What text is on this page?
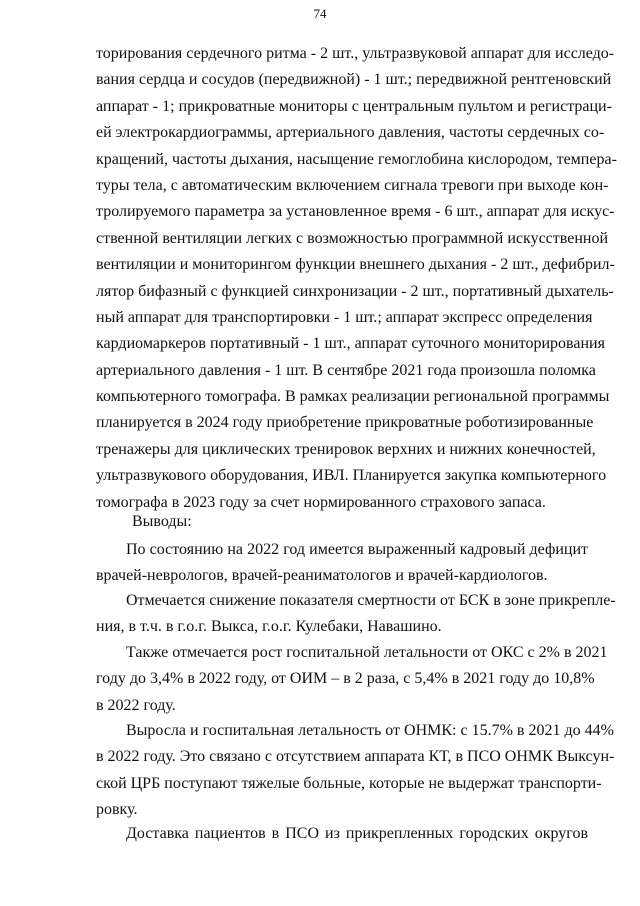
74
торирования сердечного ритма - 2 шт., ультразвуковой аппарат для исследо-
вания сердца и сосудов (передвижной) - 1 шт.; передвижной рентгеновский
аппарат - 1; прикроватные мониторы с центральным пультом и регистраци-
ей электрокардиограммы, артериального давления, частоты сердечных со-
кращений, частоты дыхания, насыщение гемоглобина кислородом, темпера-
туры тела, с автоматическим включением сигнала тревоги при выходе кон-
тролируемого параметра за установленное время - 6 шт., аппарат для искус-
ственной вентиляции легких с возможностью программной искусственной
вентиляции и мониторингом функции внешнего дыхания - 2 шт., дефибрил-
лятор бифазный с функцией синхронизации - 2 шт., портативный дыхатель-
ный аппарат для транспортировки - 1 шт.; аппарат экспресс определения
кардиомаркеров портативный - 1 шт., аппарат суточного мониторирования
артериального давления - 1 шт. В сентябре 2021 года произошла поломка
компьютерного томографа. В рамках реализации региональной программы
планируется в 2024 году приобретение прикроватные роботизированные
тренажеры для циклических тренировок верхних и нижних конечностей,
ультразвукового оборудования, ИВЛ. Планируется закупка компьютерного
томографа в 2023 году за счет нормированного страхового запаса.
Выводы:
По состоянию на 2022 год имеется выраженный кадровый дефицит
врачей-неврологов, врачей-реаниматологов и врачей-кардиологов.
Отмечается снижение показателя смертности от БСК в зоне прикрепле-
ния, в т.ч. в г.о.г. Выкса, г.о.г. Кулебаки, Навашино.
Также отмечается рост госпитальной летальности от ОКС с 2% в 2021
году до 3,4% в 2022 году, от ОИМ – в 2 раза, с 5,4% в 2021 году до 10,8%
в 2022 году.
Выросла и госпитальная летальность от ОНМК: с 15.7% в 2021 до 44%
в 2022 году. Это связано с отсутствием аппарата КТ, в ПСО ОНМК Выксун-
ской ЦРБ поступают тяжелые больные, которые не выдержат транспорти-
ровку.
Доставка пациентов в ПСО из прикрепленных городских округов
